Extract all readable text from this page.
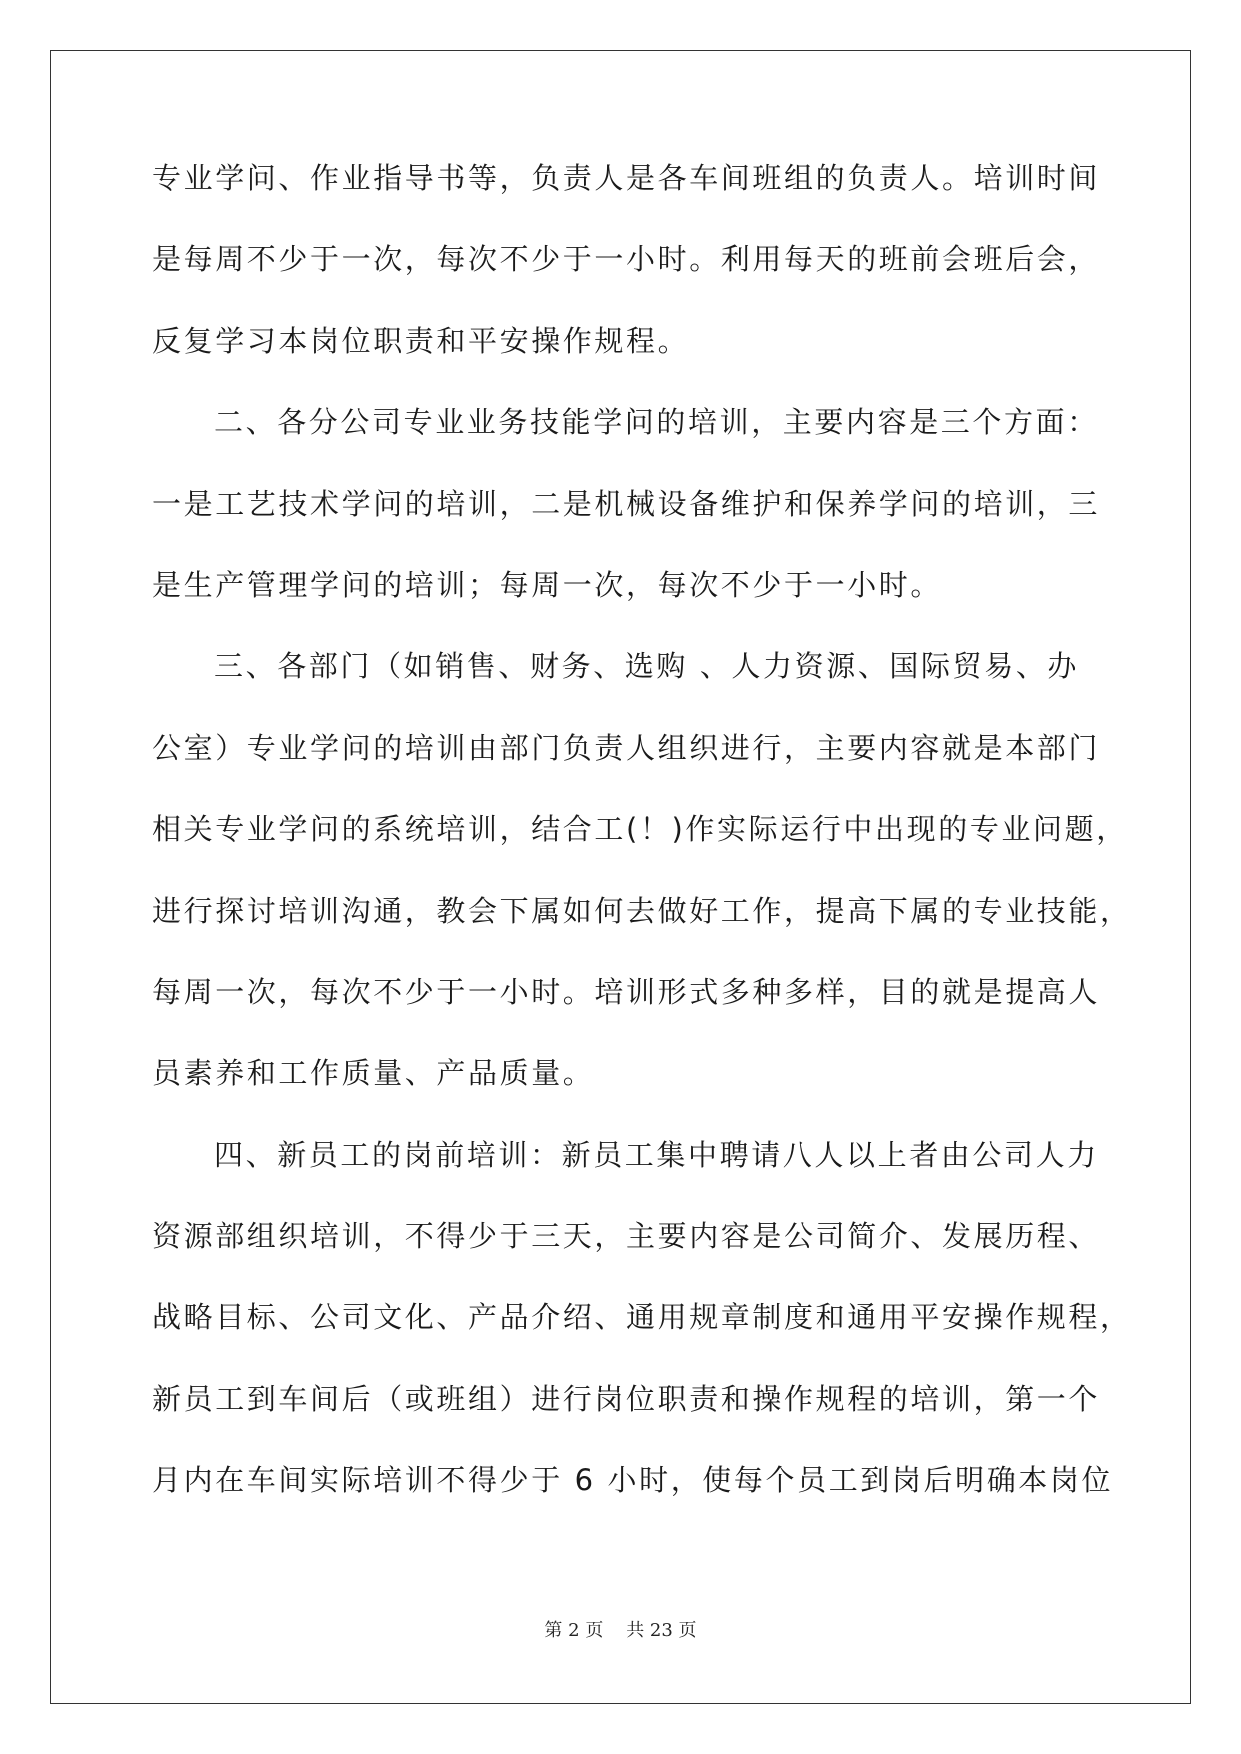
专业学问、作业指导书等，负责人是各车间班组的负责人。培训时间
是每周不少于一次，每次不少于一小时。利用每天的班前会班后会，
反复学习本岗位职责和平安操作规程。
二、各分公司专业业务技能学问的培训，主要内容是三个方面：
一是工艺技术学问的培训，二是机械设备维护和保养学问的培训，三
是生产管理学问的培训；每周一次，每次不少于一小时。
三、各部门（如销售、财务、选购 、人力资源、国际贸易、办
公室）专业学问的培训由部门负责人组织进行，主要内容就是本部门
相关专业学问的系统培训，结合工(！)作实际运行中出现的专业问题，
进行探讨培训沟通，教会下属如何去做好工作，提高下属的专业技能，
每周一次，每次不少于一小时。培训形式多种多样，目的就是提高人
员素养和工作质量、产品质量。
四、新员工的岗前培训：新员工集中聘请八人以上者由公司人力
资源部组织培训，不得少于三天，主要内容是公司简介、发展历程、
战略目标、公司文化、产品介绍、通用规章制度和通用平安操作规程，
新员工到车间后（或班组）进行岗位职责和操作规程的培训，第一个
月内在车间实际培训不得少于 6 小时，使每个员工到岗后明确本岗位
第 2 页    共 23 页
